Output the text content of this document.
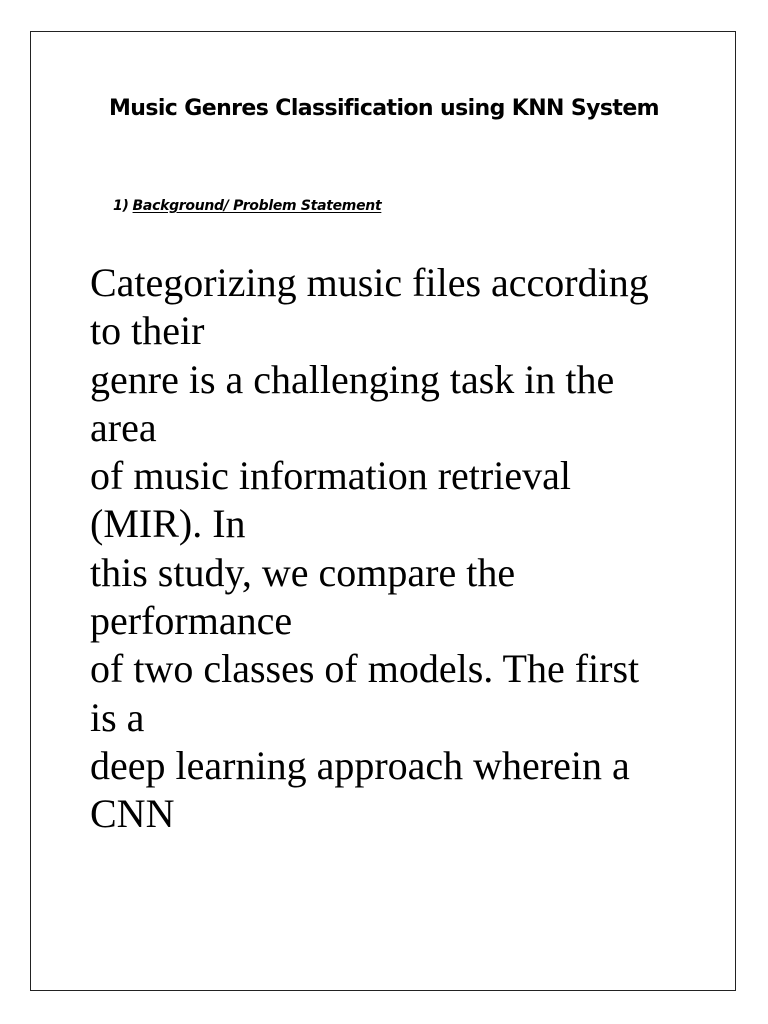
Music Genres Classification using KNN System
1) Background/ Problem Statement
Categorizing music files according
to their
genre is a challenging task in the
area
of music information retrieval
(MIR). In
this study, we compare the
performance
of two classes of models. The first
is a
deep learning approach wherein a
CNN
